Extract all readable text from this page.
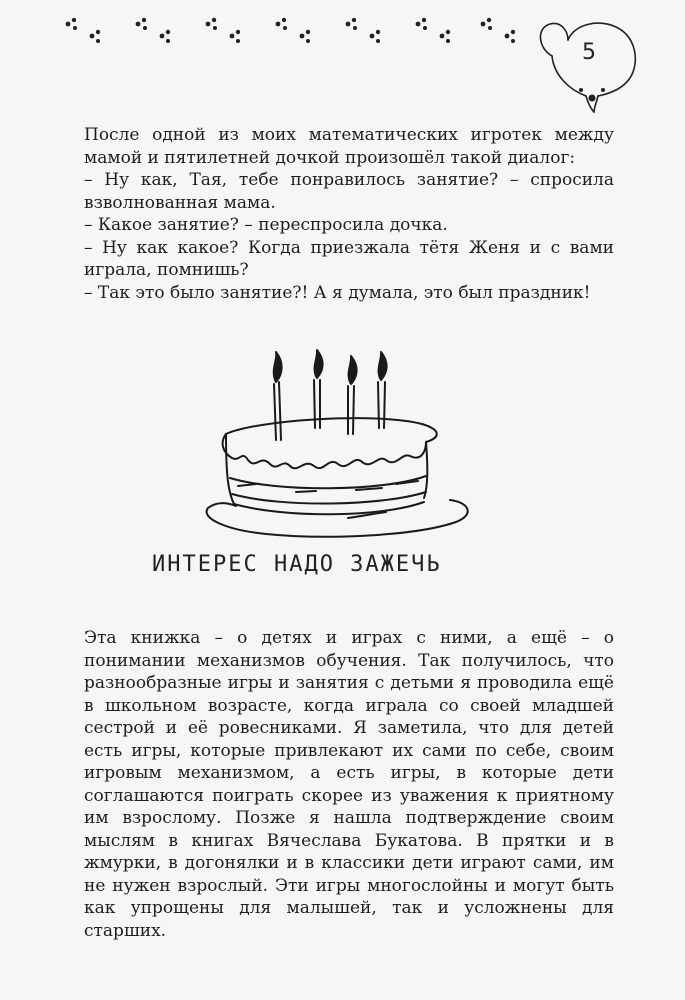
5

После одной из моих математических игротек между мамой и пятилетней дочкой произошёл такой диалог:

– Ну как, Тая, тебе понравилось занятие? – спросила взволнованная мама.

– Какое занятие? – переспросила дочка.

– Ну как какое? Когда приезжала тётя Женя и с вами играла, помнишь?

– Так это было занятие?! А я думала, это был праздник!

ИНТЕРЕС НАДО ЗАЖЕЧЬ

Эта книжка – о детях и играх с ними, а ещё – о понимании механизмов обучения. Так получилось, что разнообразные игры и занятия с детьми я проводила ещё в школьном возрасте, когда играла со своей младшей сестрой и её ровесниками. Я заметила, что для детей есть игры, которые привлекают их сами по себе, своим игровым механизмом, а есть игры, в которые дети соглашаются поиграть скорее из уважения к приятному им взрослому. Позже я нашла подтверждение своим мыслям в книгах Вячеслава Букатова. В прятки и в жмурки, в догонялки и в классики дети играют сами, им не нужен взрослый. Эти игры многослойны и могут быть как упрощены для малышей, так и усложнены для старших.
